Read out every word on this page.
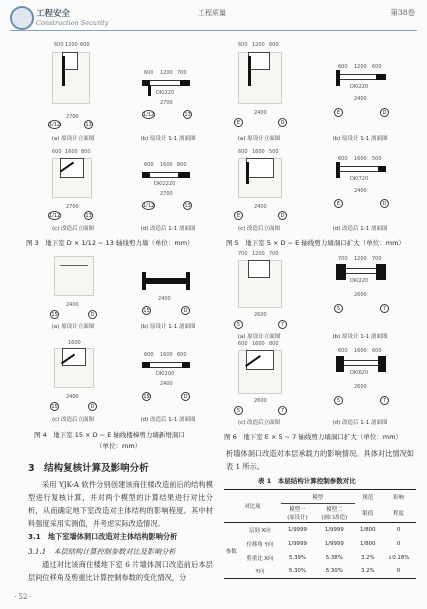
工程安全
Construction Security
工程质量	第38卷
600 1200 600
2700
1/12	13
(a) 原设计立面图
600 1200 700
DKI220
2700
1/12	13
(b) 原设计 1-1 剖面图
600 1600 800
2700
1/12	13
(c) 改造后立面图
600 1600 800
DKI2220
2700
1/12	13
(d) 改造后 1-1 剖面图
图 3　地下室 D × 1/12 ~ 13 轴线剪力墙（单位：mm）
2400
15	D
(a) 原设计立面图
2400
15	D
(b) 原设计 1-1 剖面图
1600
2400
15	D
(c) 改造后立面图
600 1600 600
DKI200
2400
15	D
(d) 改造后 1-1 剖面图
图 4　地下室 15 × D ~ E 轴线楼梯剪力墙新增洞口
（单位：mm）
600 1200 600
2400
E	D
(a) 原设计立面图
600 1200 600
DKI220
2400
E	D
(b) 原设计 1-1 剖面图
600 1600 500
2400
E	D
(c) 改造后立面图
600 1600 500
DKI720
2400
E	D
(d) 改造后 1-1 剖面图
图 5　地下室 5 × D ~ E 轴线剪力墙洞口扩大（单位：mm）
700 1200 700
2600
5	7
(a) 原设计立面图
700 1200 700
DKI220
2600
5	7
(b) 原设计 1-1 剖面图
600 1600 800
2600
5	7
(c) 改造后立面图
600 1600 600
DKI620
2600
5	7
(d) 改造后 1-1 剖面图
图 6　地下室 E × 5 ~ 7 轴线剪力墙洞口扩大（单位：mm）
3　结构复核计算及影响分析
采用 YJK-A 软件分别创建该商住楼改造前后的结构模型进行复核计算，并对两个模型的计算结果进行对比分析，从而确定地下室改造对主体结构的影响程度。其中材料强度采用实测值，并考虑实际改造情况。
3.1　地下室墙体洞口改造对主体结构影响分析
3.1.1　本层结构计算控制参数对比及影响分析
通过对比该商住楼地下室 6 片墙体洞口改造前后本层层间位移角及剪重比计算控制参数的变化情况，分
析墙体洞口改造对本层承载力的影响情况。具体对比情况如表 1 所示。
表 1　本层结构计算控制参数对比
对比项		模型		规范	影响
		模型一
(原设计)	模型二
(洞口改造)	限值	程度
参数	层间 X向	1/9999	1/9999	1/800	0
	位移角 Y向	1/9999	1/9999	1/800	0
	剪重比 X向	5.39%	5.38%	3.2%	↓0.18%
	Y向	5.30%	5.30%	3.2%	0
· 52 ·
